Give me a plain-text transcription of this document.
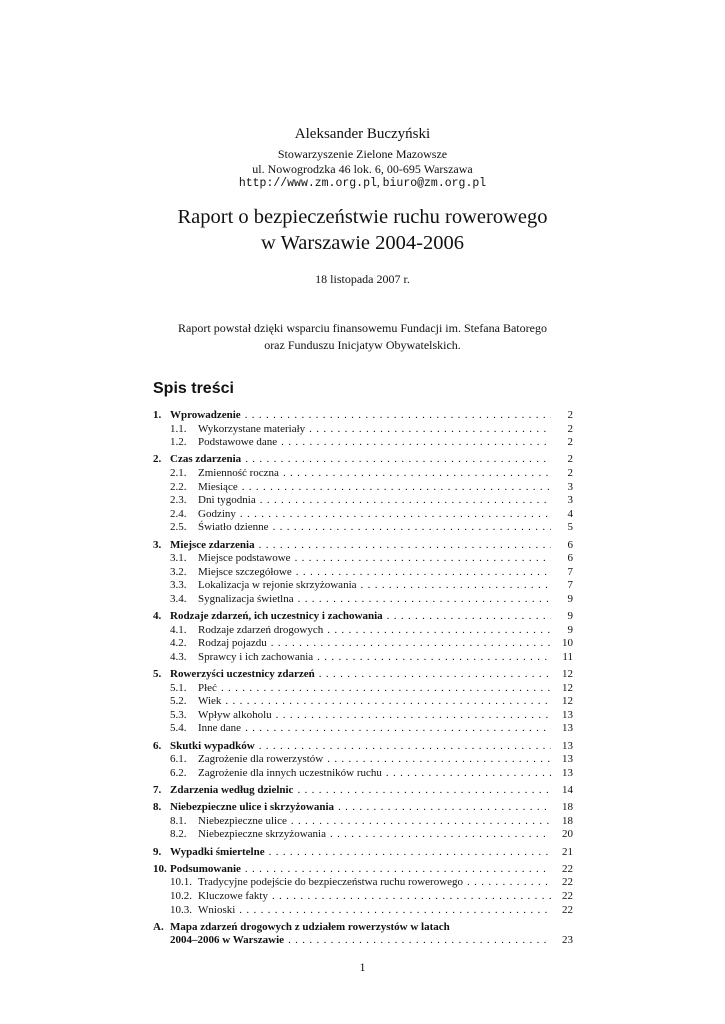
Aleksander Buczyński
Stowarzyszenie Zielone Mazowsze
ul. Nowogrodzka 46 lok. 6, 00-695 Warszawa
http://www.zm.org.pl, biuro@zm.org.pl
Raport o bezpieczeństwie ruchu rowerowego
w Warszawie 2004-2006
18 listopada 2007 r.
Raport powstał dzięki wsparciu finansowemu Fundacji im. Stefana Batorego
oraz Funduszu Inicjatyw Obywatelskich.
Spis treści
1. Wprowadzenie . . .	2
1.1.	Wykorzystane materiały . . .	2
1.2.	Podstawowe dane . . .	2
2. Czas zdarzenia . . .	2
2.1.	Zmienność roczna . . .	2
2.2.	Miesiące . . .	3
2.3.	Dni tygodnia . . .	3
2.4.	Godziny . . .	4
2.5.	Światło dzienne . . .	5
3. Miejsce zdarzenia . . .	6
3.1.	Miejsce podstawowe . . .	6
3.2.	Miejsce szczegółowe . . .	7
3.3.	Lokalizacja w rejonie skrzyżowania . . .	7
3.4.	Sygnalizacja świetlna . . .	9
4. Rodzaje zdarzeń, ich uczestnicy i zachowania . . .	9
4.1.	Rodzaje zdarzeń drogowych . . .	9
4.2.	Rodzaj pojazdu . . .	10
4.3.	Sprawcy i ich zachowania . . .	11
5. Rowerzyści uczestnicy zdarzeń . . .	12
5.1.	Płeć . . .	12
5.2.	Wiek . . .	12
5.3.	Wpływ alkoholu . . .	13
5.4.	Inne dane . . .	13
6. Skutki wypadków . . .	13
6.1.	Zagrożenie dla rowerzystów . . .	13
6.2.	Zagrożenie dla innych uczestników ruchu . . .	13
7. Zdarzenia według dzielnic . . .	14
8. Niebezpieczne ulice i skrzyżowania . . .	18
8.1.	Niebezpieczne ulice . . .	18
8.2.	Niebezpieczne skrzyżowania . . .	20
9. Wypadki śmiertelne . . .	21
10. Podsumowanie . . .	22
10.1. Tradycyjne podejście do bezpieczeństwa ruchu rowerowego . . .	22
10.2. Kluczowe fakty . . .	22
10.3. Wnioski . . .	22
A. Mapa zdarzeń drogowych z udziałem rowerzystów w latach
2004–2006 w Warszawie . . .	23
1
